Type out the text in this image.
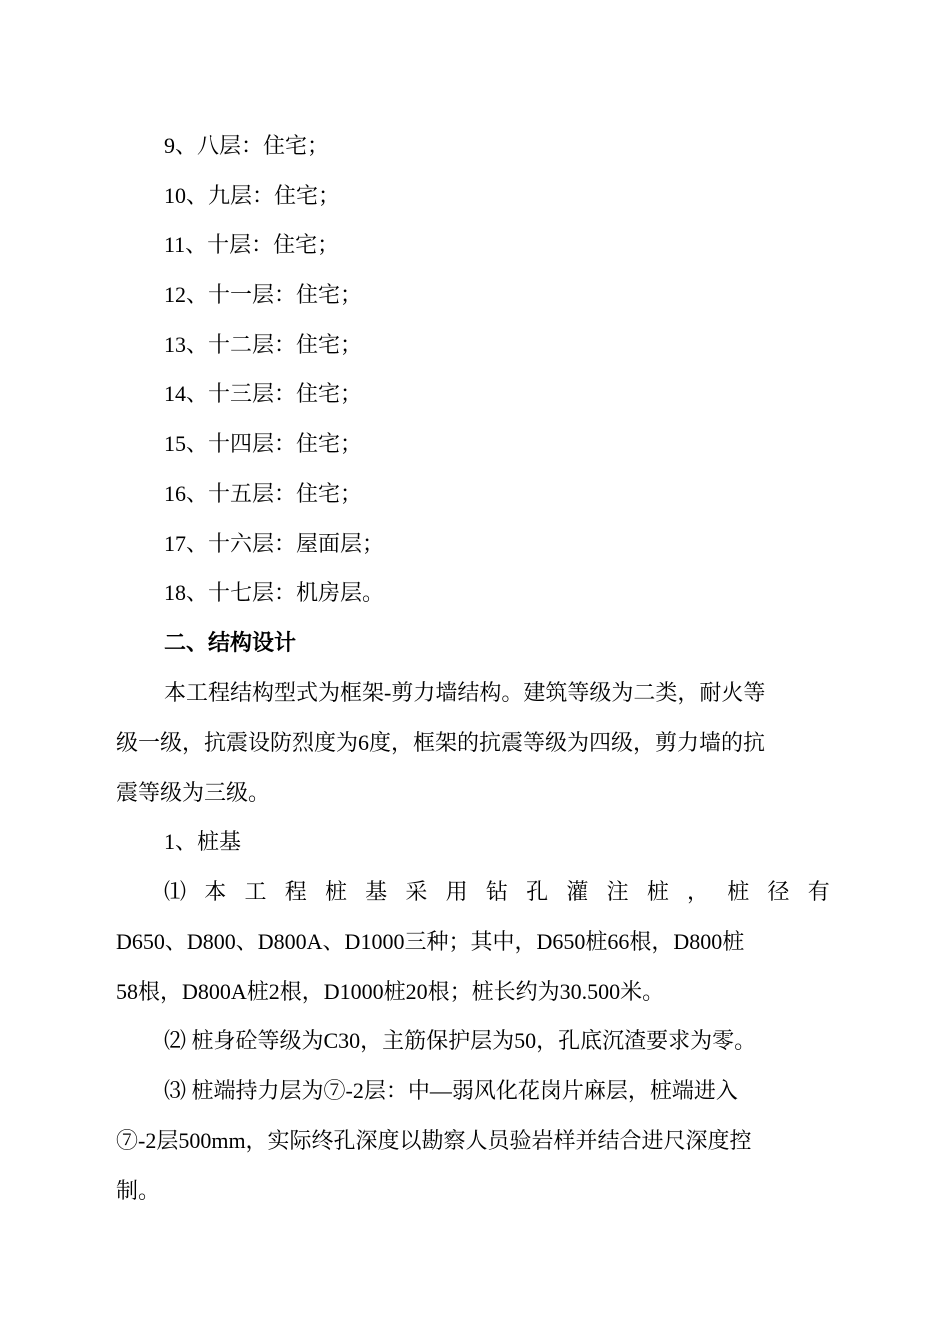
9、八层：住宅；
10、九层：住宅；
11、十层：住宅；
12、十一层：住宅；
13、十二层：住宅；
14、十三层：住宅；
15、十四层：住宅；
16、十五层：住宅；
17、十六层：屋面层；
18、十七层：机房层。
二、结构设计
本工程结构型式为框架-剪力墙结构。建筑等级为二类，耐火等
级一级，抗震设防烈度为6度，框架的抗震等级为四级，剪力墙的抗
震等级为三级。
1、桩基
⑴ 本 工 程 桩 基 采 用 钻 孔 灌 注 桩 ， 桩 径 有
D650、D800、D800A、D1000三种；其中，D650桩66根，D800桩
58根，D800A桩2根，D1000桩20根；桩长约为30.500米。
⑵ 桩身砼等级为C30，主筋保护层为50，孔底沉渣要求为零。
⑶ 桩端持力层为⑦-2层：中—弱风化花岗片麻层，桩端进入
⑦-2层500mm，实际终孔深度以勘察人员验岩样并结合进尺深度控
制。
